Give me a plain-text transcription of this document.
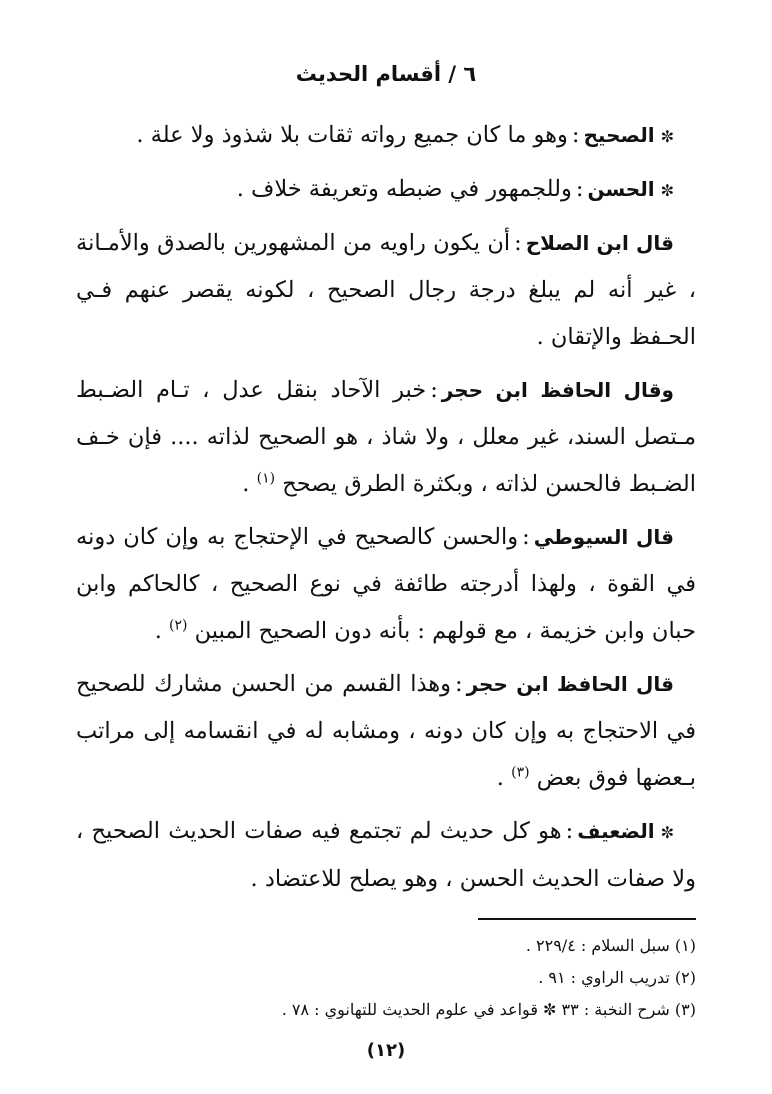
٦ / أقسام الحديث

✼الصحيح:وهو ما كان جميع رواته ثقات بلا شذوذ ولا علة .

✼الحسن:وللجمهور في ضبطه وتعريفة خلاف .

قال ابن الصلاح:أن يكون راويه من المشهورين بالصدق والأمـانة ، غير أنه لم يبلغ درجة رجال الصحيح ، لكونه يقصر عنهم فـي الحـفظ والإتقان .

وقال الحافظ ابن حجر:خبر الآحاد بنقل عدل ، تـام الضـبط مـتصل السند، غير معلل ، ولا شاذ ، هو الصحيح لذاته .... فإن خـف الضـبط فالحسن لذاته ، وبكثرة الطرق يصحح $^{(١)}$ .

قال السيوطي:والحسن كالصحيح في الإحتجاج به وإن كان دونه في القوة ، ولهذا أدرجته طائفة في نوع الصحيح ، كالحاكم وابن حبان وابن خزيمة ، مع قولهم : بأنه دون الصحيح المبين $^{(٢)}$ .

قال الحافظ ابن حجر:وهذا القسم من الحسن مشارك للصحيح في الاحتجاج به وإن كان دونه ، ومشابه له في انقسامه إلى مراتب بـعضها فوق بعض $^{(٣)}$ .

✼الضعيف:هو كل حديث لم تجتمع فيه صفات الحديث الصحيح ، ولا صفات الحديث الحسن ، وهو يصلح للاعتضاد .

(١) سبل السلام : ٢٢٩/٤ .

(٢) تدريب الراوي : ٩١ .

(٣) شرح النخبة : ٣٣ ✼ قواعد في علوم الحديث للتهانوي : ٧٨ .

(١٢)
